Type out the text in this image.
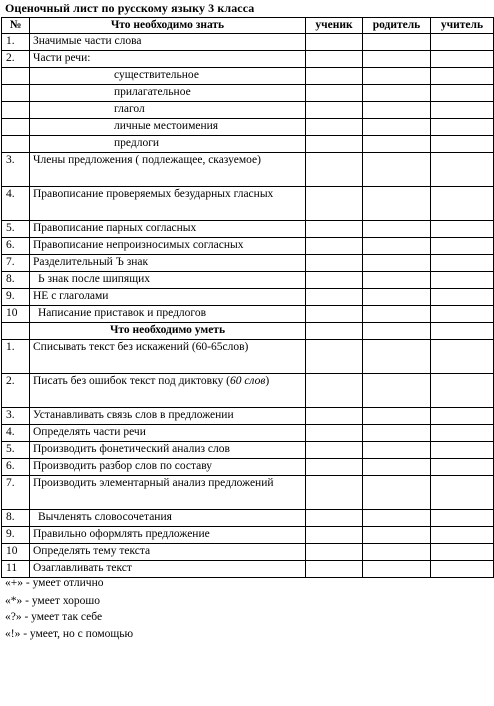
Оценочный лист по русскому языку 3 класса
№	Что необходимо знать	ученик	родитель	учитель
1.	Значимые части слова			
2.	Части речи:			
	существительное			
	прилагательное			
	глагол			
	личные местоимения			
	предлоги			
3.	Члены предложения ( подлежащее, сказуемое)			
4.	Правописание проверяемых безударных гласных			
5.	Правописание парных согласных			
6.	Правописание непроизносимых согласных			
7.	Разделительный Ъ знак			
8.	Ь знак после шипящих			
9.	НЕ с глаголами			
10	Написание приставок и предлогов			
	Что необходимо уметь			
1.	Списывать текст без искажений (60-65слов)			
2.	Писать без ошибок текст под диктовку (60 слов)			
3.	Устанавливать связь слов в предложении			
4.	Определять части речи			
5.	Производить фонетический анализ слов			
6.	Производить разбор слов по составу			
7.	Производить элементарный анализ предложений			
8.	Вычленять словосочетания			
9.	Правильно оформлять предложение			
10	Определять тему текста			
11	Озаглавливать текст			
«+» - умеет отлично
«*» - умеет хорошо
«?» - умеет так себе
«!» - умеет, но с помощью
